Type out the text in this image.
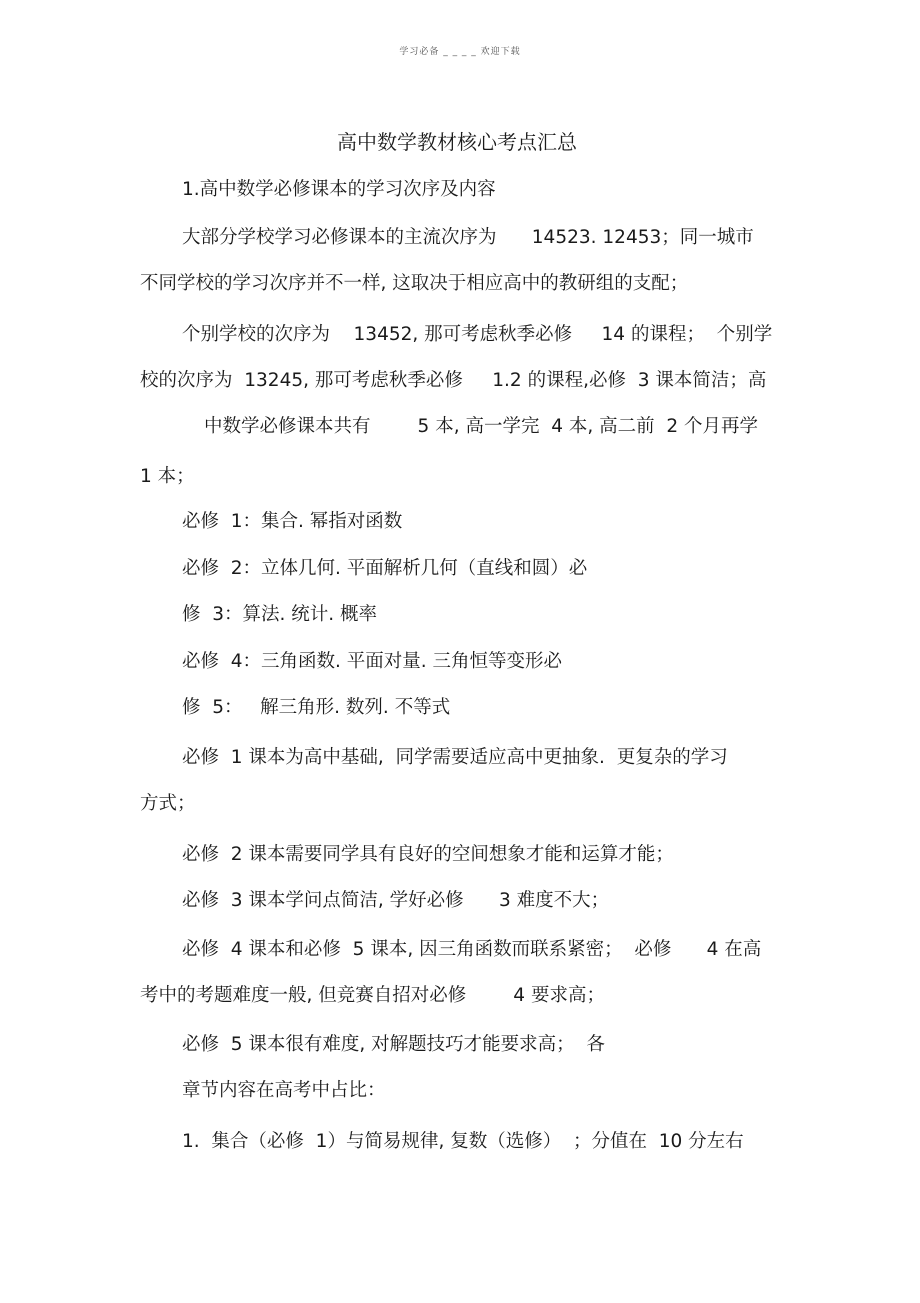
学习必备 _ _ _ _ 欢迎下载
高中数学教材核心考点汇总
1.高中数学必修课本的学习次序及内容
大部分学校学习必修课本的主流次序为      14523. 12453；同一城市
不同学校的学习次序并不一样, 这取决于相应高中的教研组的支配；
个别学校的次序为    13452, 那可考虑秋季必修     14 的课程；  个别学
校的次序为  13245, 那可考虑秋季必修     1.2 的课程,必修  3 课本简洁；高
中数学必修课本共有        5 本, 高一学完  4 本, 高二前  2 个月再学
1 本；
必修  1：集合. 幂指对函数
必修  2：立体几何. 平面解析几何（直线和圆）必
修  3：算法. 统计. 概率
必修  4：三角函数. 平面对量. 三角恒等变形必
修  5：   解三角形. 数列. 不等式
必修  1 课本为高中基础,  同学需要适应高中更抽象.  更复杂的学习
方式；
必修  2 课本需要同学具有良好的空间想象才能和运算才能；
必修  3 课本学问点简洁, 学好必修      3 难度不大；
必修  4 课本和必修  5 课本, 因三角函数而联系紧密；  必修      4 在高
考中的考题难度一般, 但竞赛自招对必修        4 要求高；
必修  5 课本很有难度, 对解题技巧才能要求高；  各
章节内容在高考中占比：
1.  集合（必修  1）与简易规律, 复数（选修）  ；分值在  10 分左右
